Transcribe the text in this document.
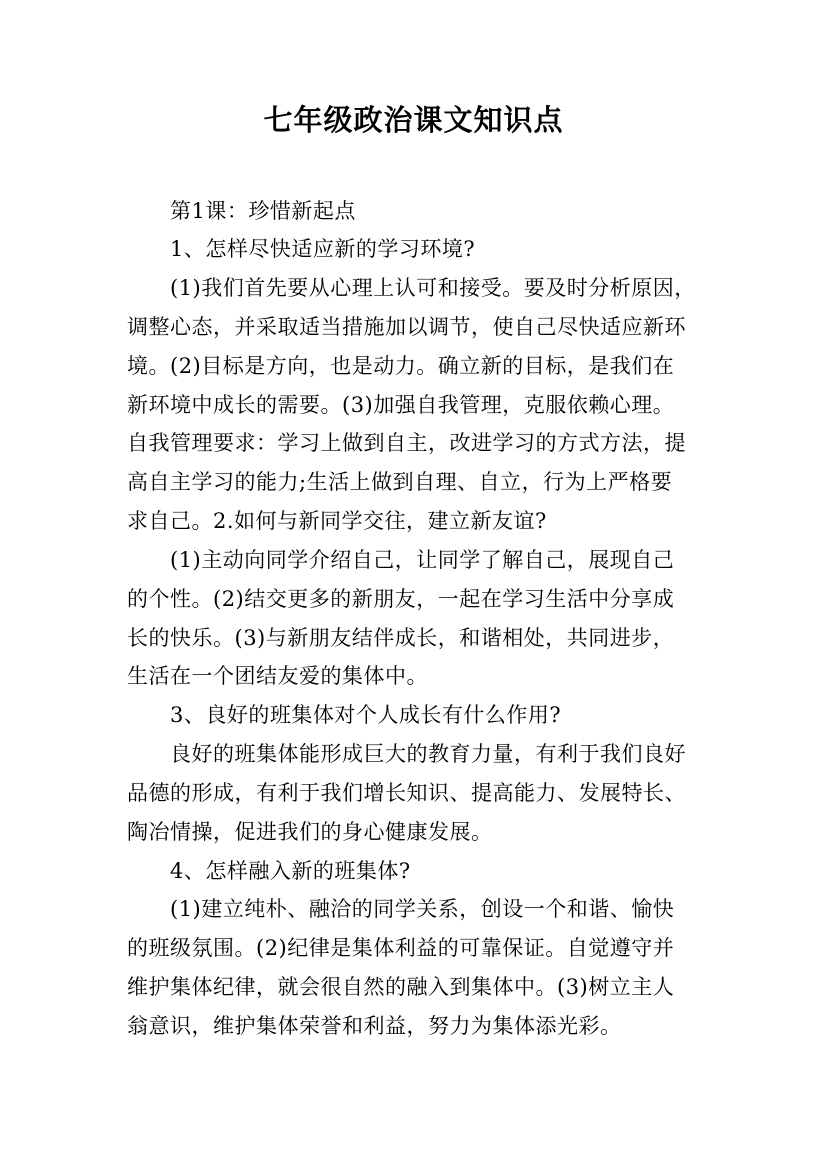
七年级政治课文知识点
第1课：珍惜新起点
1、怎样尽快适应新的学习环境?
(1)我们首先要从心理上认可和接受。要及时分析原因，
调整心态，并采取适当措施加以调节，使自己尽快适应新环
境。(2)目标是方向，也是动力。确立新的目标，是我们在
新环境中成长的需要。(3)加强自我管理，克服依赖心理。
自我管理要求：学习上做到自主，改进学习的方式方法，提
高自主学习的能力;生活上做到自理、自立，行为上严格要
求自己。2.如何与新同学交往，建立新友谊?
(1)主动向同学介绍自己，让同学了解自己，展现自己
的个性。(2)结交更多的新朋友，一起在学习生活中分享成
长的快乐。(3)与新朋友结伴成长，和谐相处，共同进步，
生活在一个团结友爱的集体中。
3、良好的班集体对个人成长有什么作用?
良好的班集体能形成巨大的教育力量，有利于我们良好
品德的形成，有利于我们增长知识、提高能力、发展特长、
陶冶情操，促进我们的身心健康发展。
4、怎样融入新的班集体?
(1)建立纯朴、融洽的同学关系，创设一个和谐、愉快
的班级氛围。(2)纪律是集体利益的可靠保证。自觉遵守并
维护集体纪律，就会很自然的融入到集体中。(3)树立主人
翁意识，维护集体荣誉和利益，努力为集体添光彩。
